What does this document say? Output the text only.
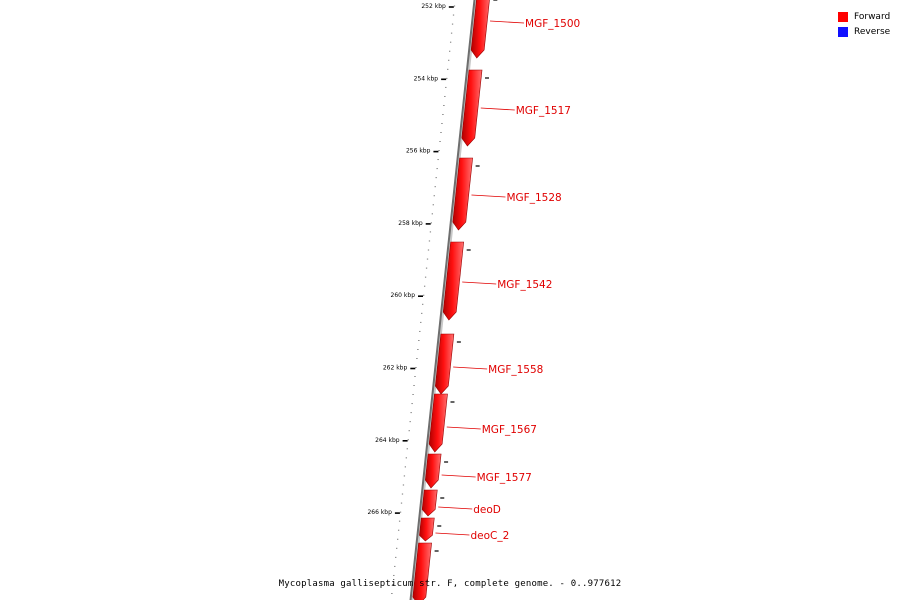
252 kbp
254 kbp
256 kbp
258 kbp
260 kbp
262 kbp
264 kbp
266 kbp
MGF_1500
MGF_1517
MGF_1528
MGF_1542
MGF_1558
MGF_1567
MGF_1577
deoD
deoC_2
Forward
Reverse
Mycoplasma gallisepticum str. F, complete genome. - 0..977612
